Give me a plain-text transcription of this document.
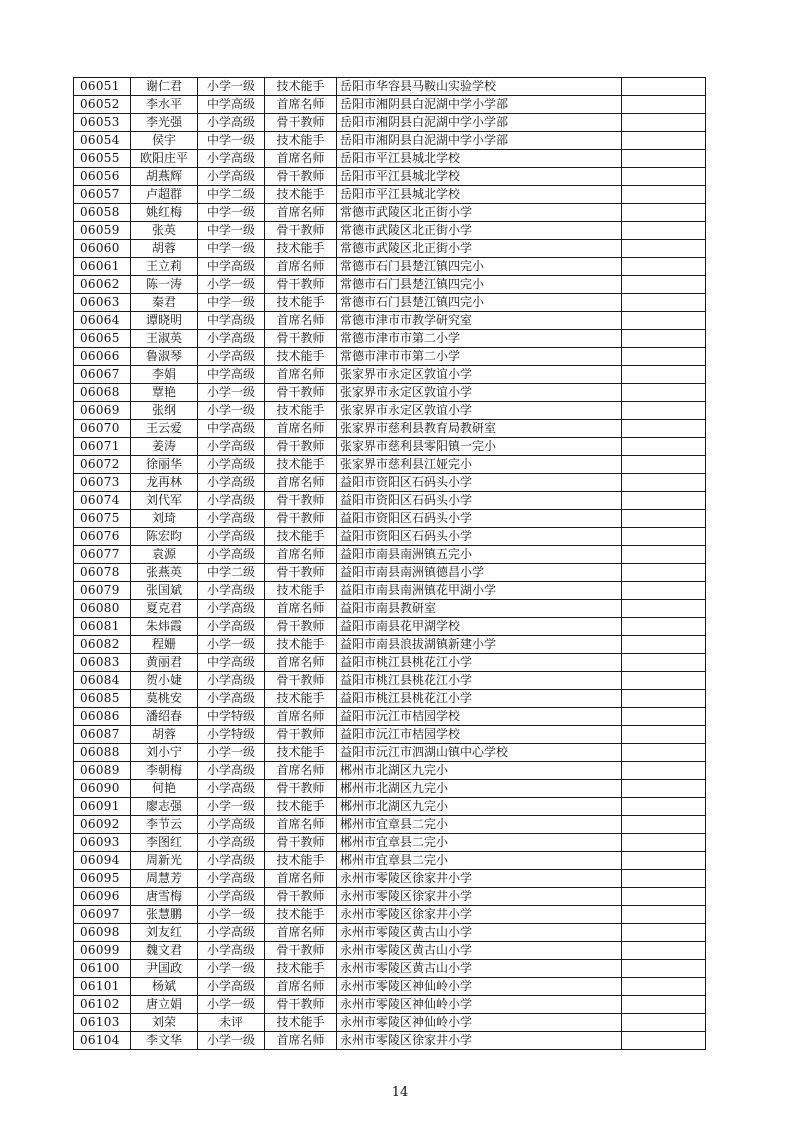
06051	谢仁君	小学一级	技术能手	岳阳市华容县马鞍山实验学校	
06052	李水平	中学高级	首席名师	岳阳市湘阴县白泥湖中学小学部	
06053	李光强	小学高级	骨干教师	岳阳市湘阴县白泥湖中学小学部	
06054	侯宇	中学一级	技术能手	岳阳市湘阴县白泥湖中学小学部	
06055	欧阳庄平	小学高级	首席名师	岳阳市平江县城北学校	
06056	胡燕辉	小学高级	骨干教师	岳阳市平江县城北学校	
06057	卢超群	中学二级	技术能手	岳阳市平江县城北学校	
06058	姚红梅	中学一级	首席名师	常德市武陵区北正街小学	
06059	张英	中学一级	骨干教师	常德市武陵区北正街小学	
06060	胡蓉	中学一级	技术能手	常德市武陵区北正街小学	
06061	王立莉	中学高级	首席名师	常德市石门县楚江镇四完小	
06062	陈一涛	小学一级	骨干教师	常德市石门县楚江镇四完小	
06063	秦君	中学一级	技术能手	常德市石门县楚江镇四完小	
06064	谭晓明	中学高级	首席名师	常德市津市市教学研究室	
06065	王淑英	小学高级	骨干教师	常德市津市市第二小学	
06066	鲁淑琴	小学高级	技术能手	常德市津市市第二小学	
06067	李娟	中学高级	首席名师	张家界市永定区敦谊小学	
06068	覃艳	小学一级	骨干教师	张家界市永定区敦谊小学	
06069	张纲	小学一级	技术能手	张家界市永定区敦谊小学	
06070	王云爱	中学高级	首席名师	张家界市慈利县教育局教研室	
06071	姜涛	小学高级	骨干教师	张家界市慈利县零阳镇一完小	
06072	徐丽华	小学高级	技术能手	张家界市慈利县江娅完小	
06073	龙再林	小学高级	首席名师	益阳市资阳区石码头小学	
06074	刘代军	小学高级	骨干教师	益阳市资阳区石码头小学	
06075	刘琦	小学高级	骨干教师	益阳市资阳区石码头小学	
06076	陈宏昀	小学高级	技术能手	益阳市资阳区石码头小学	
06077	袁源	小学高级	首席名师	益阳市南县南洲镇五完小	
06078	张燕英	中学二级	骨干教师	益阳市南县南洲镇德昌小学	
06079	张国斌	小学高级	技术能手	益阳市南县南洲镇花甲湖小学	
06080	夏克君	小学高级	首席名师	益阳市南县教研室	
06081	朱炜霞	小学高级	骨干教师	益阳市南县花甲湖学校	
06082	程姗	小学一级	技术能手	益阳市南县浪拔湖镇新建小学	
06083	黄丽君	中学高级	首席名师	益阳市桃江县桃花江小学	
06084	贺小婕	小学高级	骨干教师	益阳市桃江县桃花江小学	
06085	莫桃安	小学高级	技术能手	益阳市桃江县桃花江小学	
06086	潘绍春	中学特级	首席名师	益阳市沅江市桔园学校	
06087	胡蓉	小学特级	骨干教师	益阳市沅江市桔园学校	
06088	刘小宁	小学一级	技术能手	益阳市沅江市泗湖山镇中心学校	
06089	李朝梅	小学高级	首席名师	郴州市北湖区九完小	
06090	何艳	小学高级	骨干教师	郴州市北湖区九完小	
06091	廖志强	小学一级	技术能手	郴州市北湖区九完小	
06092	李节云	小学高级	首席名师	郴州市宜章县二完小	
06093	李图红	小学高级	骨干教师	郴州市宜章县二完小	
06094	周新光	小学高级	技术能手	郴州市宜章县二完小	
06095	周慧芳	小学高级	首席名师	永州市零陵区徐家井小学	
06096	唐雪梅	小学高级	骨干教师	永州市零陵区徐家井小学	
06097	张慧鹏	小学一级	技术能手	永州市零陵区徐家井小学	
06098	刘友红	小学高级	首席名师	永州市零陵区黄古山小学	
06099	魏文君	小学高级	骨干教师	永州市零陵区黄古山小学	
06100	尹国政	小学一级	技术能手	永州市零陵区黄古山小学	
06101	杨斌	小学高级	首席名师	永州市零陵区神仙岭小学	
06102	唐立娟	小学一级	骨干教师	永州市零陵区神仙岭小学	
06103	刘荣	未评	技术能手	永州市零陵区神仙岭小学	
06104	李文华	小学一级	首席名师	永州市零陵区徐家井小学	
14
